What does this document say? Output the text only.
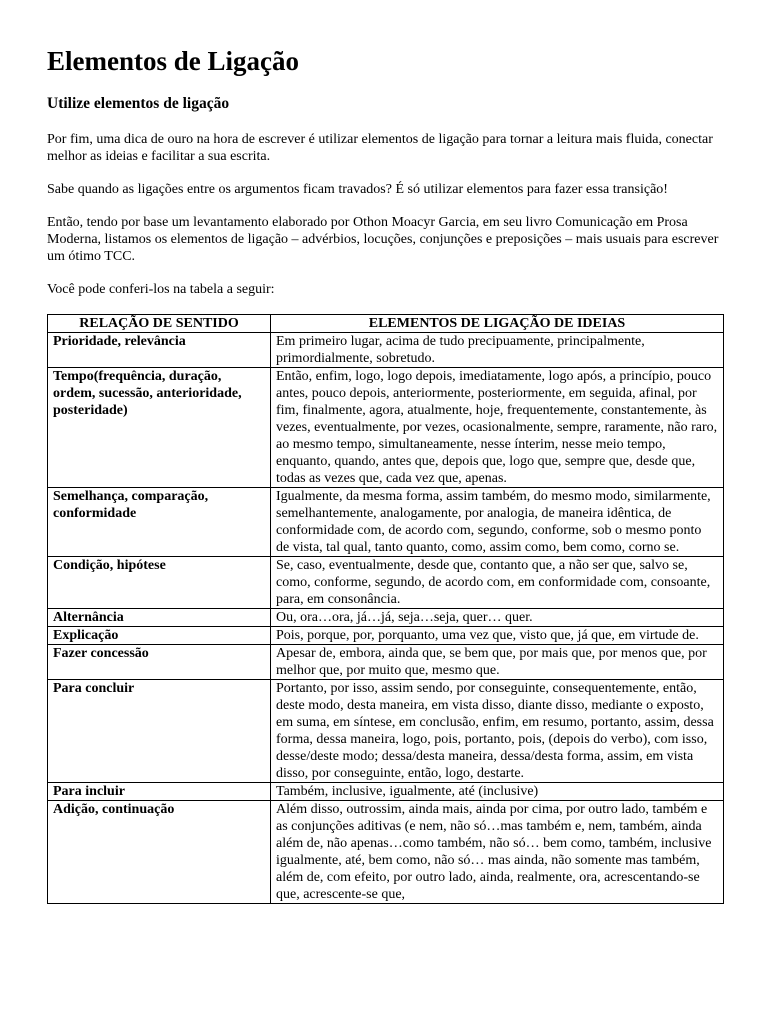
Elementos de Ligação
Utilize elementos de ligação

Por fim, uma dica de ouro na hora de escrever é utilizar elementos de ligação para tornar a leitura mais fluida, conectar melhor as ideias e facilitar a sua escrita.

Sabe quando as ligações entre os argumentos ficam travados? É só utilizar elementos para fazer essa transição!

Então, tendo por base um levantamento elaborado por Othon Moacyr Garcia, em seu livro Comunicação em Prosa Moderna, listamos os elementos de ligação – advérbios, locuções, conjunções e preposições – mais usuais para escrever um ótimo TCC.

Você pode conferi-los na tabela a seguir:

RELAÇÃO DE SENTIDO	ELEMENTOS DE LIGAÇÃO DE IDEIAS
Prioridade, relevância	Em primeiro lugar, acima de tudo precipuamente, principalmente, primordialmente, sobretudo.
Tempo(frequência, duração, ordem, sucessão, anterioridade, posteridade)	Então, enfim, logo, logo depois, imediatamente, logo após, a princípio, pouco antes, pouco depois, anteriormente, posteriormente, em seguida, afinal, por fim, finalmente, agora, atualmente, hoje, frequentemente, constantemente, às vezes, eventualmente, por vezes, ocasionalmente, sempre, raramente, não raro, ao mesmo tempo, simultaneamente, nesse ínterim, nesse meio tempo, enquanto, quando, antes que, depois que, logo que, sempre que, desde que, todas as vezes que, cada vez que, apenas.
Semelhança, comparação, conformidade	Igualmente, da mesma forma, assim também, do mesmo modo, similarmente, semelhantemente, analogamente, por analogia, de maneira idêntica, de conformidade com, de acordo com, segundo, conforme, sob o mesmo ponto de vista, tal qual, tanto quanto, como, assim como, bem como, corno se.
Condição, hipótese	Se, caso, eventualmente, desde que, contanto que, a não ser que, salvo se, como, conforme, segundo, de acordo com, em conformidade com, consoante, para, em consonância.
Alternância	Ou, ora…ora, já…já, seja…seja, quer… quer.
Explicação	Pois, porque, por, porquanto, uma vez que, visto que, já que, em virtude de.
Fazer concessão	Apesar de, embora, ainda que, se bem que, por mais que, por menos que, por melhor que, por muito que, mesmo que.
Para concluir	Portanto, por isso, assim sendo, por conseguinte, consequentemente, então, deste modo, desta maneira, em vista disso, diante disso, mediante o exposto, em suma, em síntese, em conclusão, enfim, em resumo, portanto, assim, dessa forma, dessa maneira, logo, pois, portanto, pois, (depois do verbo), com isso, desse/deste modo; dessa/desta maneira, dessa/desta forma, assim, em vista disso, por conseguinte, então, logo, destarte.
Para incluir	Também, inclusive, igualmente, até (inclusive)
Adição, continuação	Além disso, outrossim, ainda mais, ainda por cima, por outro lado, também e as conjunções aditivas (e nem, não só…mas também e, nem, também, ainda além de, não apenas…como também, não só… bem como, também, inclusive igualmente, até, bem como, não só… mas ainda, não somente mas também, além de, com efeito, por outro lado, ainda, realmente, ora, acrescentando-se que, acrescente-se que,
